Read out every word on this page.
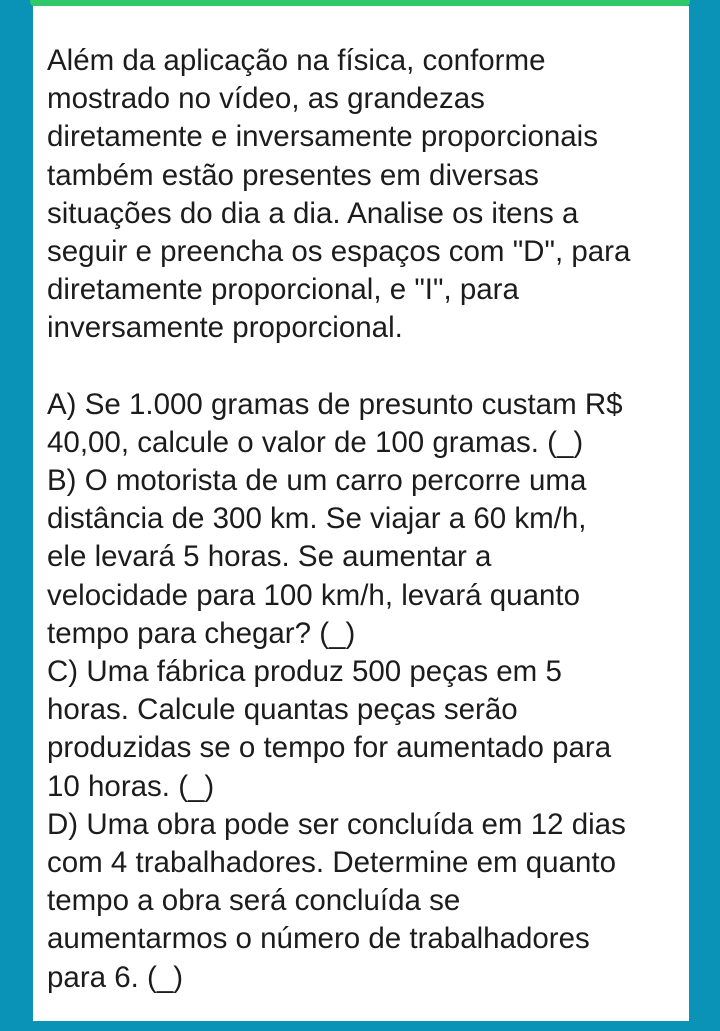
Além da aplicação na física, conforme
mostrado no vídeo, as grandezas
diretamente e inversamente proporcionais
também estão presentes em diversas
situações do dia a dia. Analise os itens a
seguir e preencha os espaços com "D", para
diretamente proporcional, e "I", para
inversamente proporcional.
A) Se 1.000 gramas de presunto custam R$
40,00, calcule o valor de 100 gramas. (_)
B) O motorista de um carro percorre uma
distância de 300 km. Se viajar a 60 km/h,
ele levará 5 horas. Se aumentar a
velocidade para 100 km/h, levará quanto
tempo para chegar? (_)
C) Uma fábrica produz 500 peças em 5
horas. Calcule quantas peças serão
produzidas se o tempo for aumentado para
10 horas. (_)
D) Uma obra pode ser concluída em 12 dias
com 4 trabalhadores. Determine em quanto
tempo a obra será concluída se
aumentarmos o número de trabalhadores
para 6. (_)
